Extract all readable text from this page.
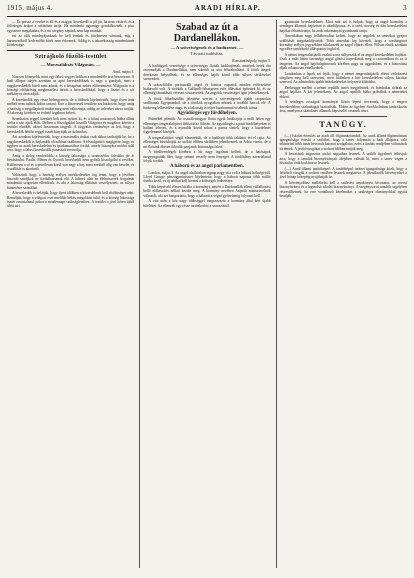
1915. május 4.	ARADI HÍRLAP.	3

— Ez persze a vevőre is áll és a magyar kereskedő is jól jár, ha nem vásárol, és a fölösleges árukat a raktárban tartja. Ha mindenki ugyanígy gondolkoznék, a piac egyszerre megakadna, és a mi szegény népünk nem kap munkát.

ezt az időt mindnyájunknak be kell érnünk és türelmesen várnunk, míg a harcmezőkről kedvezőbb hírek nem érkeznek. Addig is a takarékosság mindenkinek kötelessége.

Sztrájkoló fűzőlő-testület
— Morzsaláksás Világosán. —

Arad, május 3.

Nincsen könnyebb, mint egy falusi vegyes boltban a mindenféle árut beszerezni. A hadi állapot idején azonban az apró kereskedőknek is nagy a gondjuk, mert a nagykereskedők hitelt nem adnak, és a készpénzt nehéz előteremteni. Világosán is a községi elöljáróság megbeszélést tartott a kereskedőkkel, hogy a lisztet és a sót méltányos áron adják.

A kereskedők egy része beleegyezett, de a többiek kijelentették, hogy ilyen árak mellett nem tudnak boltot tartani. Erre a fűszeresek testülete azt határozta, hogy amíg a hatóság a megállapított árakat meg nem változtatja, addig az üzleteket zárva tartják. A lakosság körében ez érthető izgalmat keltett.

Szombaton reggel tizenkét bolt nem nyitott ki, és a falusi asszonyok hiába álltak sorba a zárt ajtók előtt. Délben a főszolgabíró kiszállt Világosra és magához kérette a testület elnökét, akivel hosszasan tárgyalt. A tárgyalás eredménye az lett, hogy a kereskedők hétfőn reggel ismét kinyitják az üzleteiket.

Azt azonban kijelentették, hogy a maximális árakat csak akkor tarthatják be, ha a nagykereskedők is hajlandók olcsóbban szállítani. A főszolgabíró megígérte, hogy ez ügyben az aradi kereskedelmi és iparkamarához fordul, amely bizonyára módot talál arra, hogy a falusi kereskedők panaszait orvosolja.

Amíg a dolog rendeződik, a község lakossága a szomszédos falvakba jár át bevásárolni. Paulis, Ménes és Gyorok kereskedői nem győzik kiszolgálni a vevőket. Különösen a só és a petróleum körül van nagy a baj, mert ezekből alig van készlet, és a szállítás is akadozik.

Valószínű, hogy a hatóság erélyes intézkedéseket fog tenni, hogy a jövőben hasonló sztrájkok ne fordulhassanak elő. A háború alatt az élelmiszerek forgalmát mindenütt szigorúan ellenőrzik, és aki a lakosság ellátását veszélyezteti, az súlyos büntetésre számíthat.

A kereskedők is belátják, hogy ilyen időkben a közérdeknek kell elsőbbséget adni. Reméljük, hogy a világosi eset mielőbb békés megoldást talál, és a község lakossága ismét zavartalanul juthat a mindennapi szükségleteihez. A testület a jövő héten újból ülést tart.

Szabad az út a Dardanellákon.
— A szövetségesek és a hadüzenet. —
Távirati tudósítás.

Konstantinápoly, május 3.

A hadiügyek vezetősége a szövetséges flották hadihajóinak, amelyek hetek óta ostromolják a Dardanellákat, nem sikerült az utat felszabadítani. A török ütegek derekasan helytállnak, és az ellenséges hajók közül több súlyos sérüléseket szenvedett.

A szárazföldön partraszállt angol és francia csapatok minden erőfeszítése hiábavaló volt. A törökök a Gallipoli-félszigeten erős állásokat építettek ki, és az ellenség támadásait véresen visszaverték. Az angolok veszteségei igen jelentékenyek.

A török főhadiszállás jelentése szerint a szövetségesek újabb csapatokat szállítanak Egyiptomból, de a törökök nyugodtan néznek a további harcok elé. A hadsereg lelkesedése nagy, és a lakosság is teljes bizalommal viseltetik iránta.

Agyúdörgés egy fürdőhelyen.

Fiúmébél jelentik: Az osztrák-magyar flotta egyik hadihajója a múlt héten egy ellenséges tengeralattjárót üldözött az Adrián. Az ágyúdörgést a parti fürdőhelyeken is hallani lehetett, és a nyaralók közül sokan a partra siettek, hogy a küzdelmet figyelemmel kísérjék.

A tengeralattjáró végül elmenekült, de a hadihajó több találatot ért el rajta. Az ellenséges búvárhajók az utóbbi időben sűrűbben jelentkeznek az Adria vizein, de a mi flottánk éberen őrködik partjaink biztonsága felett.

A fürdővendégek körében a hír nagy izgalmat keltett, de a hatóságok megnyugtatták őket, hogy semmi veszély nem fenyeget. A fürdőidény zavartalanul folyik tovább.

A háború és az angol parlamentben.

London, május 3. Az angol alsóházban tegnap nagy vita volt a háború költségeiről. Lloyd George pénzügyminiszter kijelentette, hogy a háború naponta több millió fontba kerül, és új adókat kell kivetni a költségek fedezésére.

Több képviselő élesen bírálta a kormányt, amiért a Dardanellák elleni vállalkozást kellő előkészítés nélkül kezdte meg. A kormány nevében Asquith miniszterelnök válaszolt, aki azt hangoztatta, hogy a háborút a végső győzelemig folytatni kell.

A vita után a ház nagy többséggel megszavazta a kormány által kért újabb hiteleket. Az ellenzék egy része tartózkodott a szavazástól.

gyarmatai kereskedelmét. Most már azt is tudjuk, hogy az angol kormány a semleges államok hajózását is akadályozza, és a svéd, norvég és dán kereskedelmi hajókat feltartóztatja, ha azok rakományát gyanúsnak tartja.

Amerikában nagy felháborodást keltett, hogy az angolok az amerikai gyapot szállítását megakadályozták. Több amerikai lap követeli, hogy a washingtoni kormány erélyes jegyzékben tiltakozzék az angol eljárás ellen. Wilson elnök azonban egyelőre tartózkodó álláspontot foglal el.

A német tengeralattjárók ezalatt sorra süllyesztik el az angol kereskedelmi hajókat. Csak a múlt héten tizennégy angol gőzöst torpedóztak meg a csatornában és az ír tengeren. Az angol hajótulajdonosok körében nagy az aggodalom, és a biztosítási díjak rohamosan emelkednek.

Londonban a lapok azt írják, hogy a német tengeralattjárók elleni védekezést sürgősen meg kell szervezni, mert különben a brit kereskedelem súlyos károkat szenved. Az admiralitás újabb intézkedéseket helyezett kilátásba.

Zeebrügge mellett a német repülők ismét megjelentek, és bombákat dobtak az angol hajókra. A kár jelentékeny. Az angol repülők hiába próbálták a németeket elűzni.

A semleges országok kormányai közös lépést terveznek, hogy a tengeri kereskedelem szabadságát biztosítsák. Ebben az ügyben Stockholmban tanácskozás lesz, amelyen a skandináv államok képviselői vesznek részt.

TANÜGY.

(—) Iskolai értesítés az aradi áll. főgimnáziumból. Az aradi állami főgimnázium igazgatósága értesíti a szülőket, hogy a tanév folyamán a hadi állapotra való tekintettel több tanár bevonult katonai szolgálatra, ezért a tanítás rendjében változások történtek. A javítóvizsgákat a szokott időben tartják meg.

A beiratások augusztus utolsó napjaiban lesznek. A szülők figyelmét felhívjuk arra, hogy a tanulók bizonyítványait idejében váltsák ki, mert a tanév végén a hivatalos órák korlátozva lesznek.

(—) Aradi állami tanítóképző. A tanítóképző intézet igazgatósága közli, hogy a felvételi vizsgák a szokott rendben lesznek megtartva. A jelentkezők kérvényeiket a jövő hónap közepéig nyújthatják be.

A kérvényekhez mellékelni kell a születési anyakönyvi kivonatot, az orvosi bizonyítványt és a legutolsó iskolai bizonyítványt. A szegénysorsú tanulók segélyben részesülhetnek, ha erre vonatkozó kérelmüket a szükséges okmányokkal együtt beadják.
